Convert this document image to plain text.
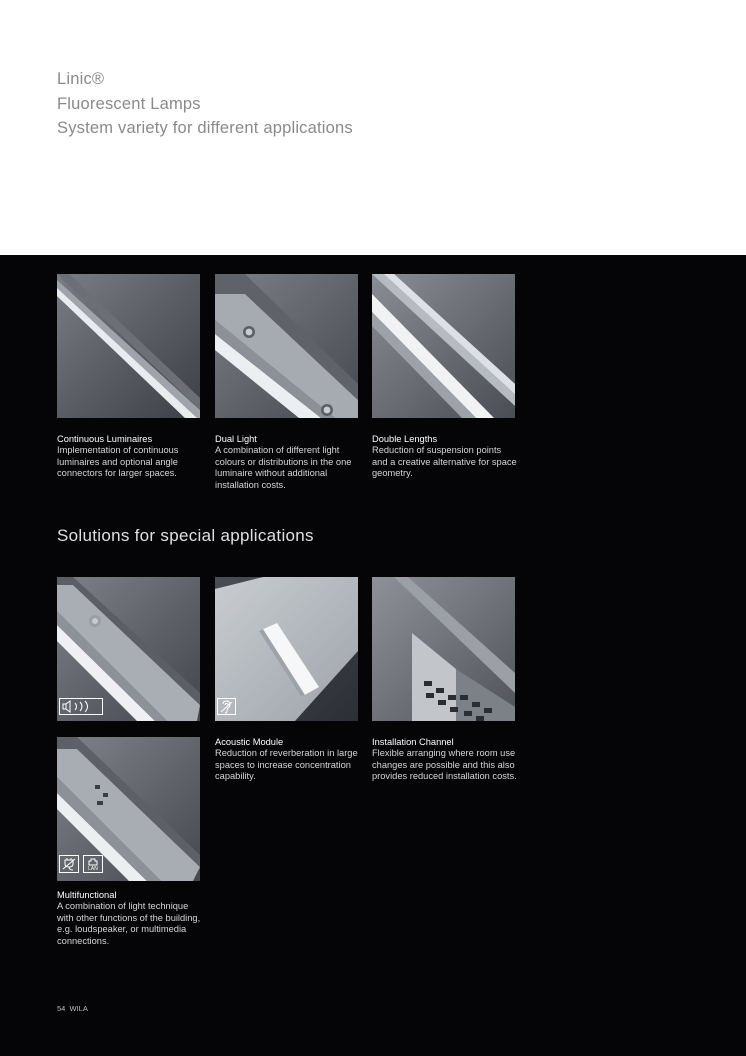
Linic®
Fluorescent Lamps
System variety for different applications
Continuous Luminaires
Implementation of continuous luminaires and optional angle connectors for larger spaces.
Dual Light
A combination of different light colours or distributions in the one luminaire without additional installation costs.
Double Lengths
Reduction of suspension points and a creative alternative for space geometry.
Solutions for special applications
Acoustic Module
Reduction of reverberation in large spaces to increase concentration capability.
Installation Channel
Flexible arranging where room use changes are possible and this also provides reduced installation costs.
LAN
Multifunctional
A combination of light technique with other functions of the building, e.g. loudspeaker, or multimedia connections.
54 WILA
